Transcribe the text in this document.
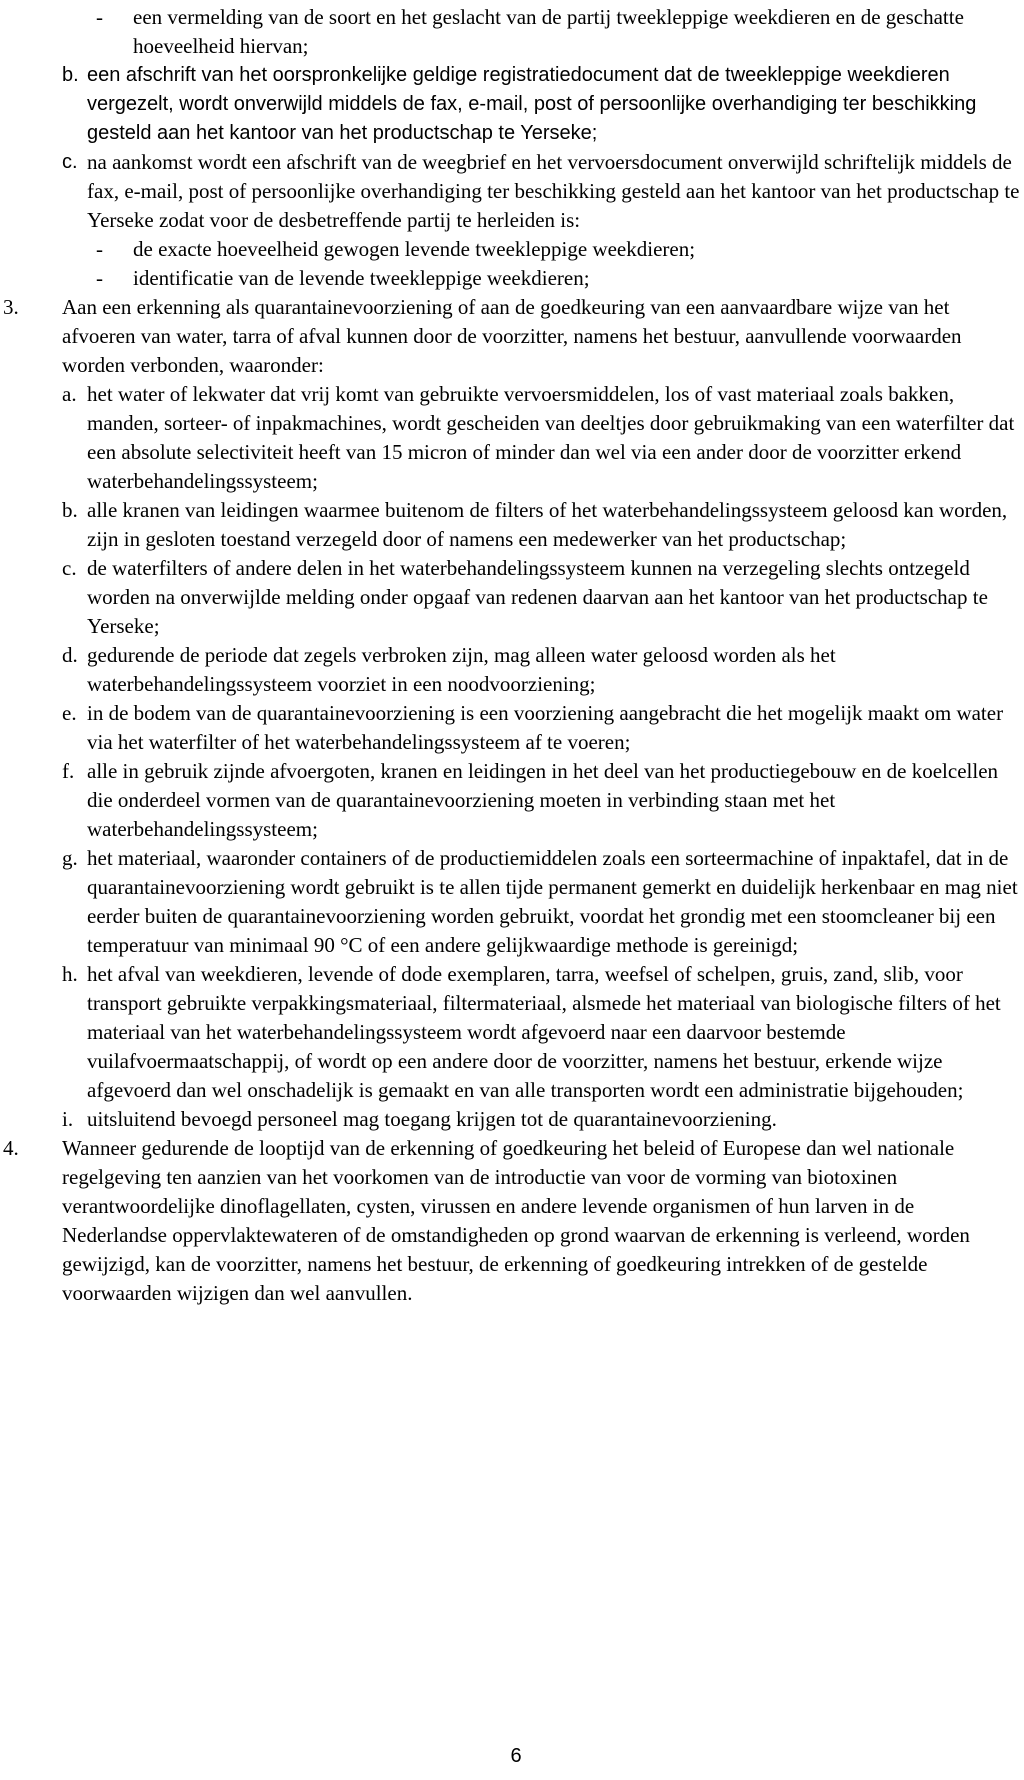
- een vermelding van de soort en het geslacht van de partij tweekleppige weekdieren en de geschatte hoeveelheid hiervan;
b. een afschrift van het oorspronkelijke geldige registratiedocument dat de tweekleppige weekdieren vergezelt, wordt onverwijld middels de fax, e-mail, post of persoonlijke overhandiging ter beschikking gesteld aan het kantoor van het productschap te Yerseke;
c. na aankomst wordt een afschrift van de weegbrief en het vervoersdocument onverwijld schriftelijk middels de fax, e-mail, post of persoonlijke overhandiging ter beschikking gesteld aan het kantoor van het productschap te Yerseke zodat voor de desbetreffende partij te herleiden is:
- de exacte hoeveelheid gewogen levende tweekleppige weekdieren;
- identificatie van de levende tweekleppige weekdieren;
3. Aan een erkenning als quarantainevoorziening of aan de goedkeuring van een aanvaardbare wijze van het afvoeren van water, tarra of afval kunnen door de voorzitter, namens het bestuur, aanvullende voorwaarden worden verbonden, waaronder:
a. het water of lekwater dat vrij komt van gebruikte vervoersmiddelen, los of vast materiaal zoals bakken, manden, sorteer- of inpakmachines, wordt gescheiden van deeltjes door gebruikmaking van een waterfilter dat een absolute selectiviteit heeft van 15 micron of minder dan wel via een ander door de voorzitter erkend waterbehandelingssysteem;
b. alle kranen van leidingen waarmee buitenom de filters of het waterbehandelingssysteem geloosd kan worden, zijn in gesloten toestand verzegeld door of namens een medewerker van het productschap;
c. de waterfilters of andere delen in het waterbehandelingssysteem kunnen na verzegeling slechts ontzegeld worden na onverwijlde melding onder opgaaf van redenen daarvan aan het kantoor van het productschap te Yerseke;
d. gedurende de periode dat zegels verbroken zijn, mag alleen water geloosd worden als het waterbehandelingssysteem voorziet in een noodvoorziening;
e. in de bodem van de quarantainevoorziening is een voorziening aangebracht die het mogelijk maakt om water via het waterfilter of het waterbehandelingssysteem af te voeren;
f. alle in gebruik zijnde afvoergoten, kranen en leidingen in het deel van het productiegebouw en de koelcellen die onderdeel vormen van de quarantainevoorziening moeten in verbinding staan met het waterbehandelingssysteem;
g. het materiaal, waaronder containers of de productiemiddelen zoals een sorteermachine of inpaktafel, dat in de quarantainevoorziening wordt gebruikt is te allen tijde permanent gemerkt en duidelijk herkenbaar en mag niet eerder buiten de quarantainevoorziening worden gebruikt, voordat het grondig met een stoomcleaner bij een temperatuur van minimaal 90 °C of een andere gelijkwaardige methode is gereinigd;
h. het afval van weekdieren, levende of dode exemplaren, tarra, weefsel of schelpen, gruis, zand, slib, voor transport gebruikte verpakkingsmateriaal, filtermateriaal, alsmede het materiaal van biologische filters of het materiaal van het waterbehandelingssysteem wordt afgevoerd naar een daarvoor bestemde vuilafvoermaatschappij, of wordt op een andere door de voorzitter, namens het bestuur, erkende wijze afgevoerd dan wel onschadelijk is gemaakt en van alle transporten wordt een administratie bijgehouden;
i. uitsluitend bevoegd personeel mag toegang krijgen tot de quarantainevoorziening.
4. Wanneer gedurende de looptijd van de erkenning of goedkeuring het beleid of Europese dan wel nationale regelgeving ten aanzien van het voorkomen van de introductie van voor de vorming van biotoxinen verantwoordelijke dinoflagellaten, cysten, virussen en andere levende organismen of hun larven in de Nederlandse oppervlaktewateren of de omstandigheden op grond waarvan de erkenning is verleend, worden gewijzigd, kan de voorzitter, namens het bestuur, de erkenning of goedkeuring intrekken of de gestelde voorwaarden wijzigen dan wel aanvullen.
6
